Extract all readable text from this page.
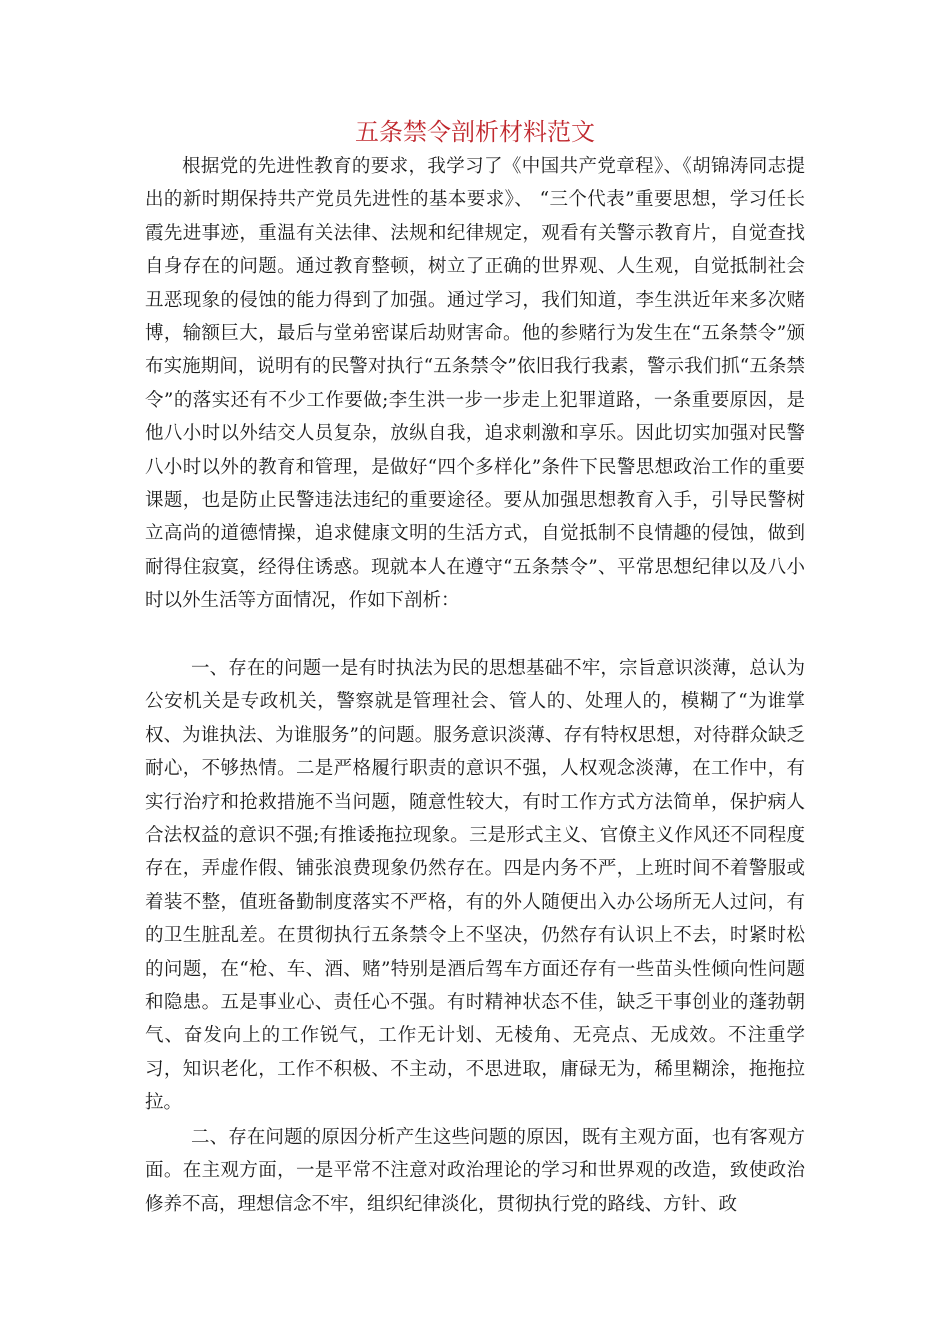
五条禁令剖析材料范文
根据党的先进性教育的要求，我学习了《中国共产党章程》、《胡锦涛同志提出的新时期保持共产党员先进性的基本要求》、 “三个代表”重要思想，学习任长霞先进事迹，重温有关法律、法规和纪律规定，观看有关警示教育片，自觉查找自身存在的问题。通过教育整顿，树立了正确的世界观、人生观，自觉抵制社会丑恶现象的侵蚀的能力得到了加强。通过学习，我们知道，李生洪近年来多次赌博，输额巨大，最后与堂弟密谋后劫财害命。他的参赌行为发生在“五条禁令”颁布实施期间，说明有的民警对执行“五条禁令”依旧我行我素，警示我们抓“五条禁令”的落实还有不少工作要做;李生洪一步一步走上犯罪道路，一条重要原因，是他八小时以外结交人员复杂，放纵自我，追求刺激和享乐。因此切实加强对民警八小时以外的教育和管理，是做好“四个多样化”条件下民警思想政治工作的重要课题，也是防止民警违法违纪的重要途径。要从加强思想教育入手，引导民警树立高尚的道德情操，追求健康文明的生活方式，自觉抵制不良情趣的侵蚀，做到耐得住寂寞，经得住诱惑。现就本人在遵守“五条禁令”、平常思想纪律以及八小时以外生活等方面情况，作如下剖析：
一、存在的问题一是有时执法为民的思想基础不牢，宗旨意识淡薄，总认为公安机关是专政机关，警察就是管理社会、管人的、处理人的，模糊了“为谁掌权、为谁执法、为谁服务”的问题。服务意识淡薄、存有特权思想，对待群众缺乏耐心，不够热情。二是严格履行职责的意识不强，人权观念淡薄，在工作中，有实行治疗和抢救措施不当问题，随意性较大，有时工作方式方法简单，保护病人合法权益的意识不强;有推诿拖拉现象。三是形式主义、官僚主义作风还不同程度存在，弄虚作假、铺张浪费现象仍然存在。四是内务不严，上班时间不着警服或着装不整，值班备勤制度落实不严格，有的外人随便出入办公场所无人过问，有的卫生脏乱差。在贯彻执行五条禁令上不坚决，仍然存有认识上不去，时紧时松的问题，在“枪、车、酒、赌”特别是酒后驾车方面还存有一些苗头性倾向性问题和隐患。五是事业心、责任心不强。有时精神状态不佳，缺乏干事创业的蓬勃朝气、奋发向上的工作锐气，工作无计划、无棱角、无亮点、无成效。不注重学习，知识老化，工作不积极、不主动，不思进取，庸碌无为，稀里糊涂，拖拖拉拉。
二、存在问题的原因分析产生这些问题的原因，既有主观方面，也有客观方面。在主观方面，一是平常不注意对政治理论的学习和世界观的改造，致使政治修养不高，理想信念不牢，组织纪律淡化，贯彻执行党的路线、方针、政
